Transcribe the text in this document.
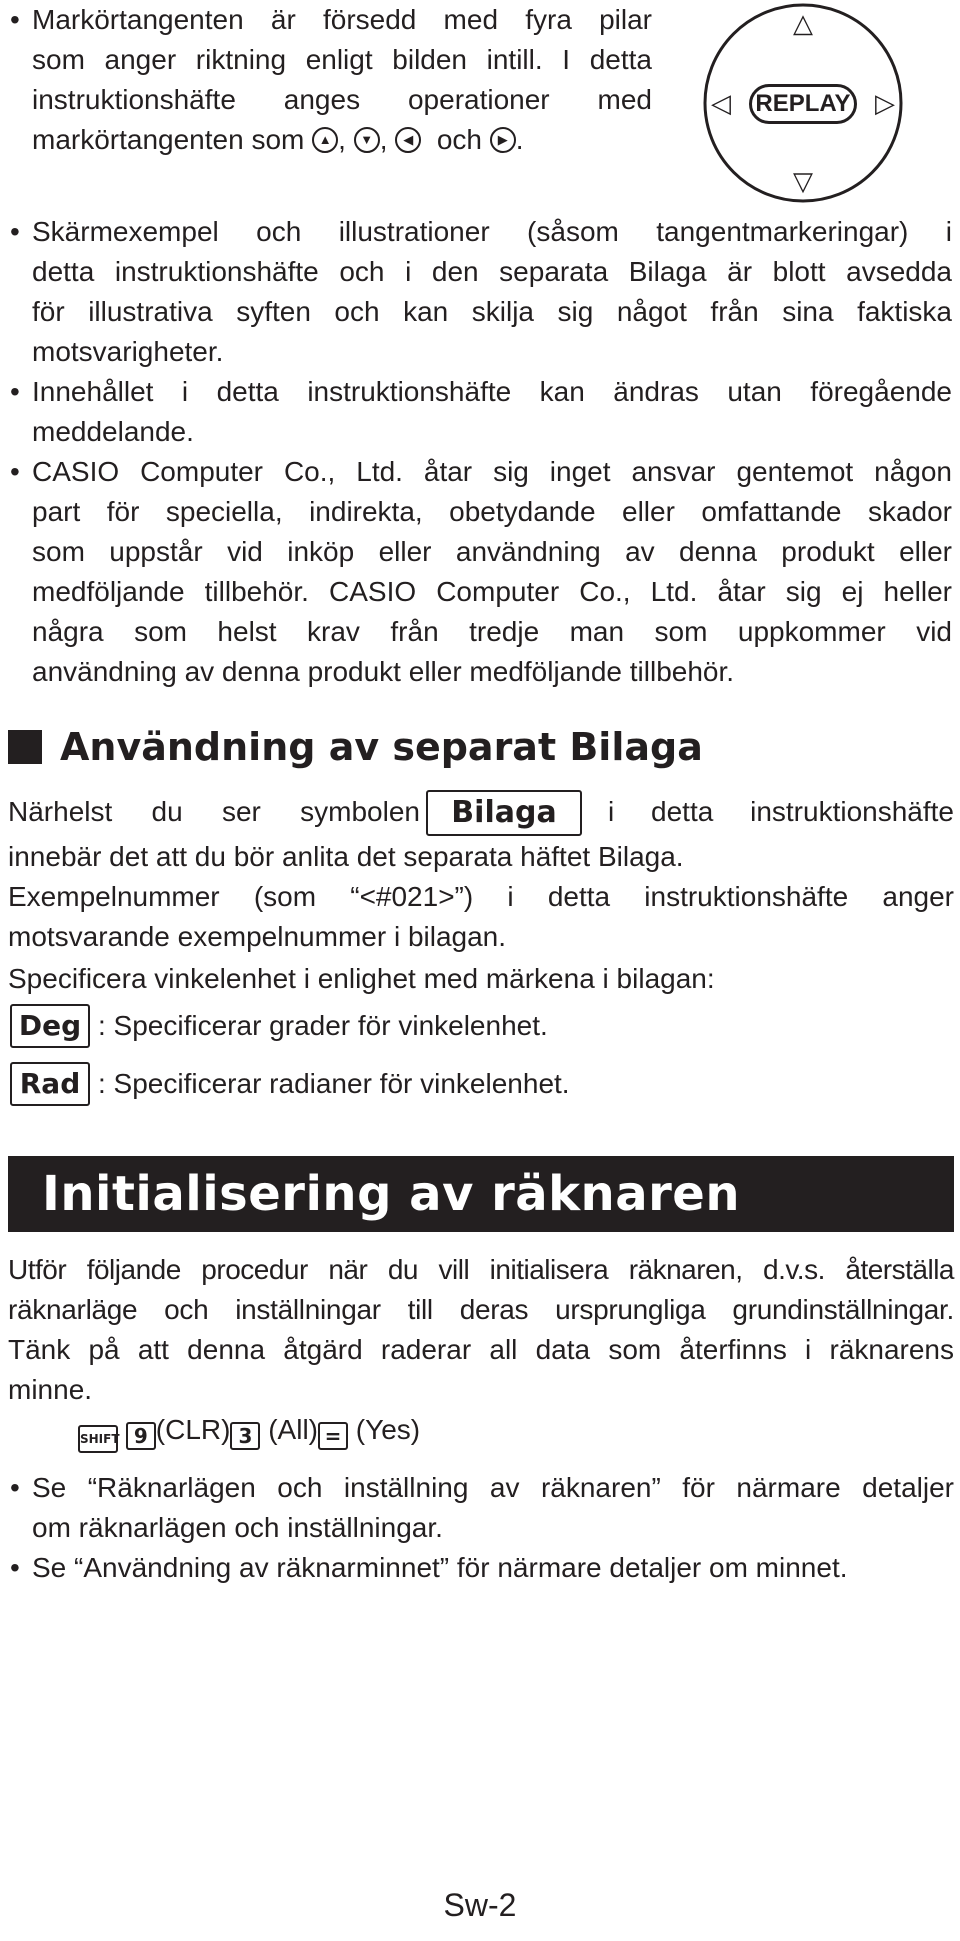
• Markörtangenten är försedd med fyra pilar
som anger riktning enligt bilden intill. I detta
instruktionshäfte anges operationer med
markörtangenten som	▲ ,	▼ ,	◀ och	▶ .
△
▽
◁	▷
REPLAY
• Skärmexempel och illustrationer (såsom tangentmarkeringar) i
detta instruktionshäfte och i den separata Bilaga är blott avsedda
för illustrativa syften och kan skilja sig något från sina faktiska
motsvarigheter.
• Innehållet i detta instruktionshäfte kan ändras utan föregående
meddelande.
• CASIO Computer Co., Ltd. åtar sig inget ansvar gentemot någon
part för speciella, indirekta, obetydande eller omfattande skador
som uppstår vid inköp eller användning av denna produkt eller
medföljande tillbehör. CASIO Computer Co., Ltd. åtar sig ej heller
några som helst krav från tredje man som uppkommer vid
användning av denna produkt eller medföljande tillbehör.
Användning av separat Bilaga
Närhelst du ser symbolen	Bilaga	i detta instruktionshäfte
innebär det att du bör anlita det separata häftet Bilaga.
Exempelnummer (som “<#021>”) i detta instruktionshäfte anger
motsvarande exempelnummer i bilagan.
Specificera vinkelenhet i enlighet med märkena i bilagan:
Deg : Specificerar grader för vinkelenhet.
Rad : Specificerar radianer för vinkelenhet.
Initialisering av räknaren
Utför följande procedur när du vill initialisera räknaren, d.v.s. återställa
räknarläge och inställningar till deras ursprungliga grundinställningar.
Tänk på att denna åtgärd raderar all data som återfinns i räknarens
minne.
SHIFT 9 (CLR) 3 (All) = (Yes)
• Se “Räknarlägen och inställning av räknaren” för närmare detaljer
om räknarlägen och inställningar.
• Se “Användning av räknarminnet” för närmare detaljer om minnet.
Sw-2
